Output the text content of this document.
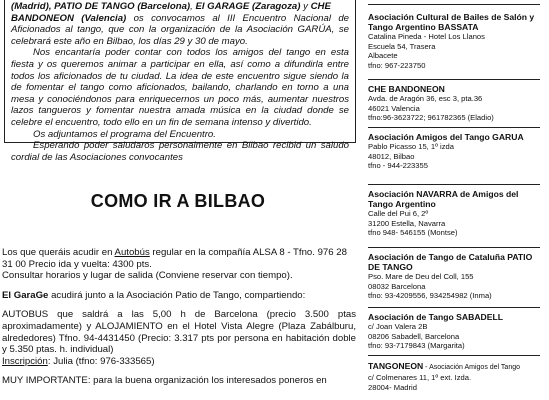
(Madrid), PATIO DE TANGO (Barcelona), El GARAGE (Zaragoza) y CHE

BANDONEON (Valencia) os convocamos al III Encuentro Nacional de Aficionados al tango, que con la organización de la Asociación GARÚA, se celebrará este año en Bilbao, los días 29 y 30 de mayo.

Nos encantaría poder contar con todos los amigos del tango en esta fiesta y os queremos animar a participar en ella, así como a difundirla entre todos los aficionados de tu ciudad. La idea de este encuentro sigue siendo la de fomentar el tango como aficionados, bailando, charlando en torno a una mesa y conociéndonos para enriquecernos un poco más, aumentar nuestros lazos tangueros y fomentar nuestra amada música en la ciudad donde se celebre el encuentro, todo ello en un fin de semana intenso y divertido.

Os adjuntamos el programa del Encuentro.

Esperando poder saludaros personalmente en Bilbao recibid un saludo cordial de las Asociaciones convocantes

COMO IR A BILBAO

Los que queráis acudir en Autobús regular en la compañía ALSA 8 - Tfno. 976 28 31 00 Precio ida y vuelta: 4300 pts.

Consultar horarios y lugar de salida (Conviene reservar con tiempo).

El GaraGe acudirá junto a la Asociación Patio de Tango, compartiendo:

AUTOBUS que saldrá a las 5,00 h de Barcelona (precio 3.500 ptas aproximadamente) y ALOJAMIENTO en el Hotel Vista Alegre (Plaza Zabálburu, alrededores) Tfno. 94-4431450 (Precio: 3.317 pts por persona en habitación doble y 5.350 ptas. h. individual)

Inscripción: Julia (tfno: 976-333565)

MUY IMPORTANTE: para la buena organización los interesados poneros en

Asociación Cultural de Bailes de Salón y Tango Argentino BASSATA
Catalina Pineda - Hotel Los Llanos
Escuela 54, Trasera
Albacete
tfno: 967-223750
CHE BANDONEON
Avda. de Aragón 36, esc 3, pta.36
46021 Valencia
tfno:96-3623722; 961782365 (Eladio)
Asociación Amigos del Tango GARUA
Pablo Picasso 15, 1º izda
48012, Bilbao
tfno - 944-223355
Asociación NAVARRA de Amigos del Tango Argentino
Calle del Pui 6, 2º
31200 Estella, Navarra
tfno 948- 546155 (Montse)
Asociación de Tango de Cataluña PATIO DE TANGO
Pso. Mare de Deu del Coll, 155
08032 Barcelona
tfno: 93-4209556, 934254982 (Inma)
Asociación de Tango SABADELL
c/ Joan Valera 2B
08206 Sabadell, Barcelona
tfno: 93-7179843 (Margarita)
TANGONEON - Asociación Amigos del Tango
c/ Colmenares 11, 1º ext. Izda.
28004- Madrid
